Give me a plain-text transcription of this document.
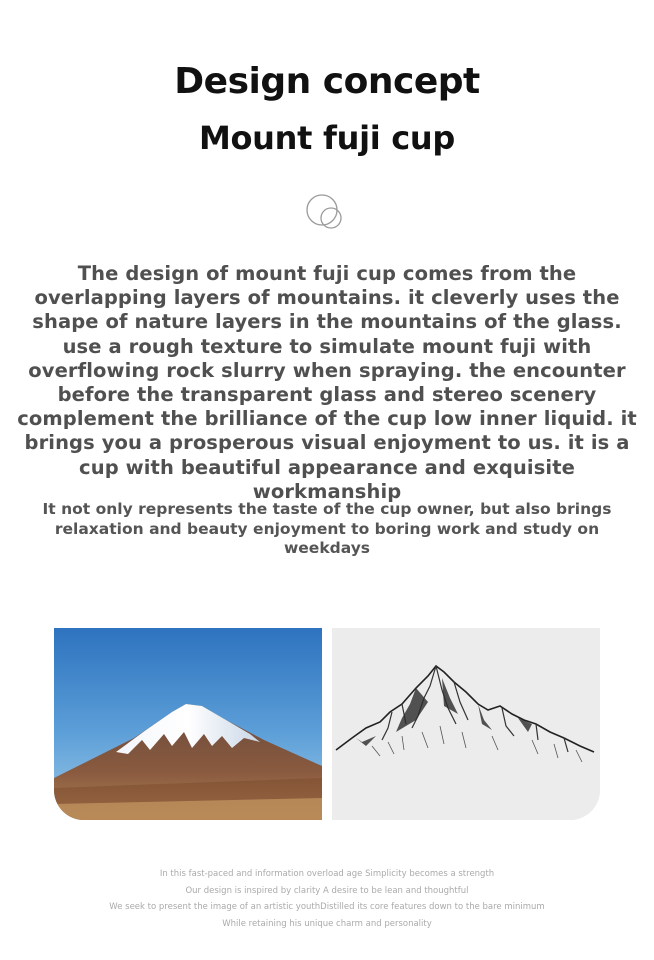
Design concept
Mount fuji cup

The design of mount fuji cup comes from the overlapping layers of mountains. it cleverly uses the shape of nature layers in the mountains of the glass. use a rough texture to simulate mount fuji with overflowing rock slurry when spraying. the encounter before the transparent glass and stereo scenery complement the brilliance of the cup low inner liquid. it brings you a prosperous visual enjoyment to us. it is a cup with beautiful appearance and exquisite workmanship

It not only represents the taste of the cup owner, but also brings relaxation and beauty enjoyment to boring work and study on weekdays

In this fast-paced and information overload age Simplicity becomes a strength
Our design is inspired by clarity A desire to be lean and thoughtful
We seek to present the image of an artistic youthDistilled its core features down to the bare minimum
While retaining his unique charm and personality
